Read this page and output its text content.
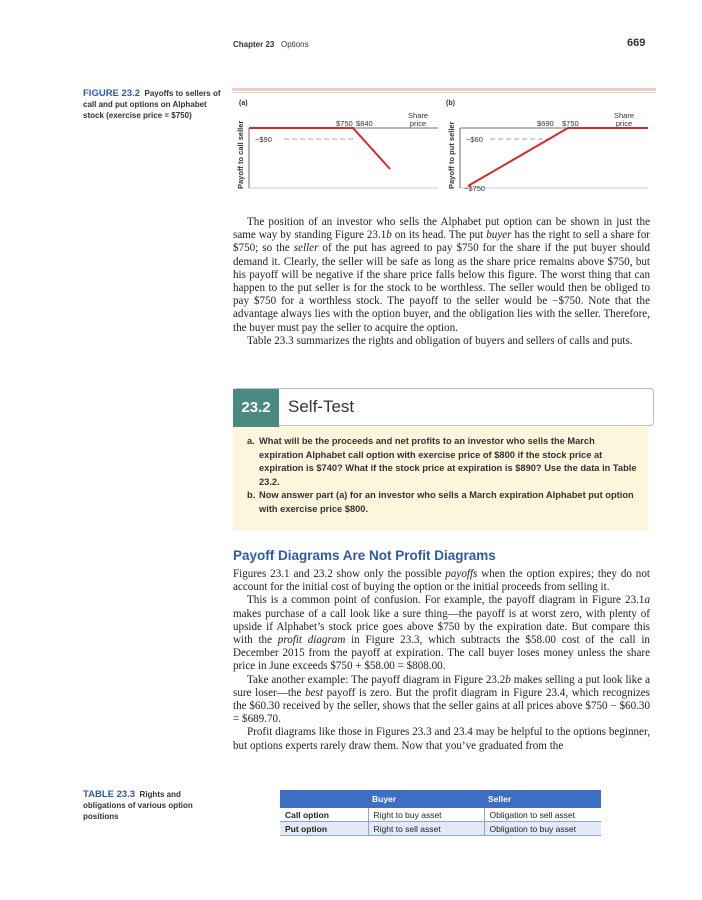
Chapter 23 Options	669
FIGURE 23.2 Payoffs to sellers of call and put options on Alphabet stock (exercise price = $750)
(a)
Payoff to call seller −$90
$750 $840
Share price
(b)
Payoff to put seller −$60
−$750
$690 $750
Share price

The position of an investor who sells the Alphabet put option can be shown in just the same way by standing Figure 23.1b on its head. The put buyer has the right to sell a share for $750; so the seller of the put has agreed to pay $750 for the share if the put buyer should demand it. Clearly, the seller will be safe as long as the share price remains above $750, but his payoff will be negative if the share price falls below this figure. The worst thing that can happen to the put seller is for the stock to be worthless. The seller would then be obliged to pay $750 for a worthless stock. The payoff to the seller would be −$750. Note that the advantage always lies with the option buyer, and the obligation lies with the seller. Therefore, the buyer must pay the seller to acquire the option.

Table 23.3 summarizes the rights and obligation of buyers and sellers of calls and puts.

23.2	Self-Test
a. What will be the proceeds and net profits to an investor who sells the March expiration Alphabet call option with exercise price of $800 if the stock price at expiration is $740? What if the stock price at expiration is $890? Use the data in Table 23.2.
b. Now answer part (a) for an investor who sells a March expiration Alphabet put option with exercise price $800.
Payoff Diagrams Are Not Profit Diagrams

Figures 23.1 and 23.2 show only the possible payoffs when the option expires; they do not account for the initial cost of buying the option or the initial proceeds from selling it.

This is a common point of confusion. For example, the payoff diagram in Figure 23.1a makes purchase of a call look like a sure thing—the payoff is at worst zero, with plenty of upside if Alphabet’s stock price goes above $750 by the expiration date. But compare this with the profit diagram in Figure 23.3, which subtracts the $58.00 cost of the call in December 2015 from the payoff at expiration. The call buyer loses money unless the share price in June exceeds $750 + $58.00 = $808.00.

Take another example: The payoff diagram in Figure 23.2b makes selling a put look like a sure loser—the best payoff is zero. But the profit diagram in Figure 23.4, which recognizes the $60.30 received by the seller, shows that the seller gains at all prices above $750 − $60.30 = $689.70.

Profit diagrams like those in Figures 23.3 and 23.4 may be helpful to the options beginner, but options experts rarely draw them. Now that you’ve graduated from the

TABLE 23.3 Rights and obligations of various option positions
	Buyer	Seller
Call option	Right to buy asset	Obligation to sell asset
Put option	Right to sell asset	Obligation to buy asset
